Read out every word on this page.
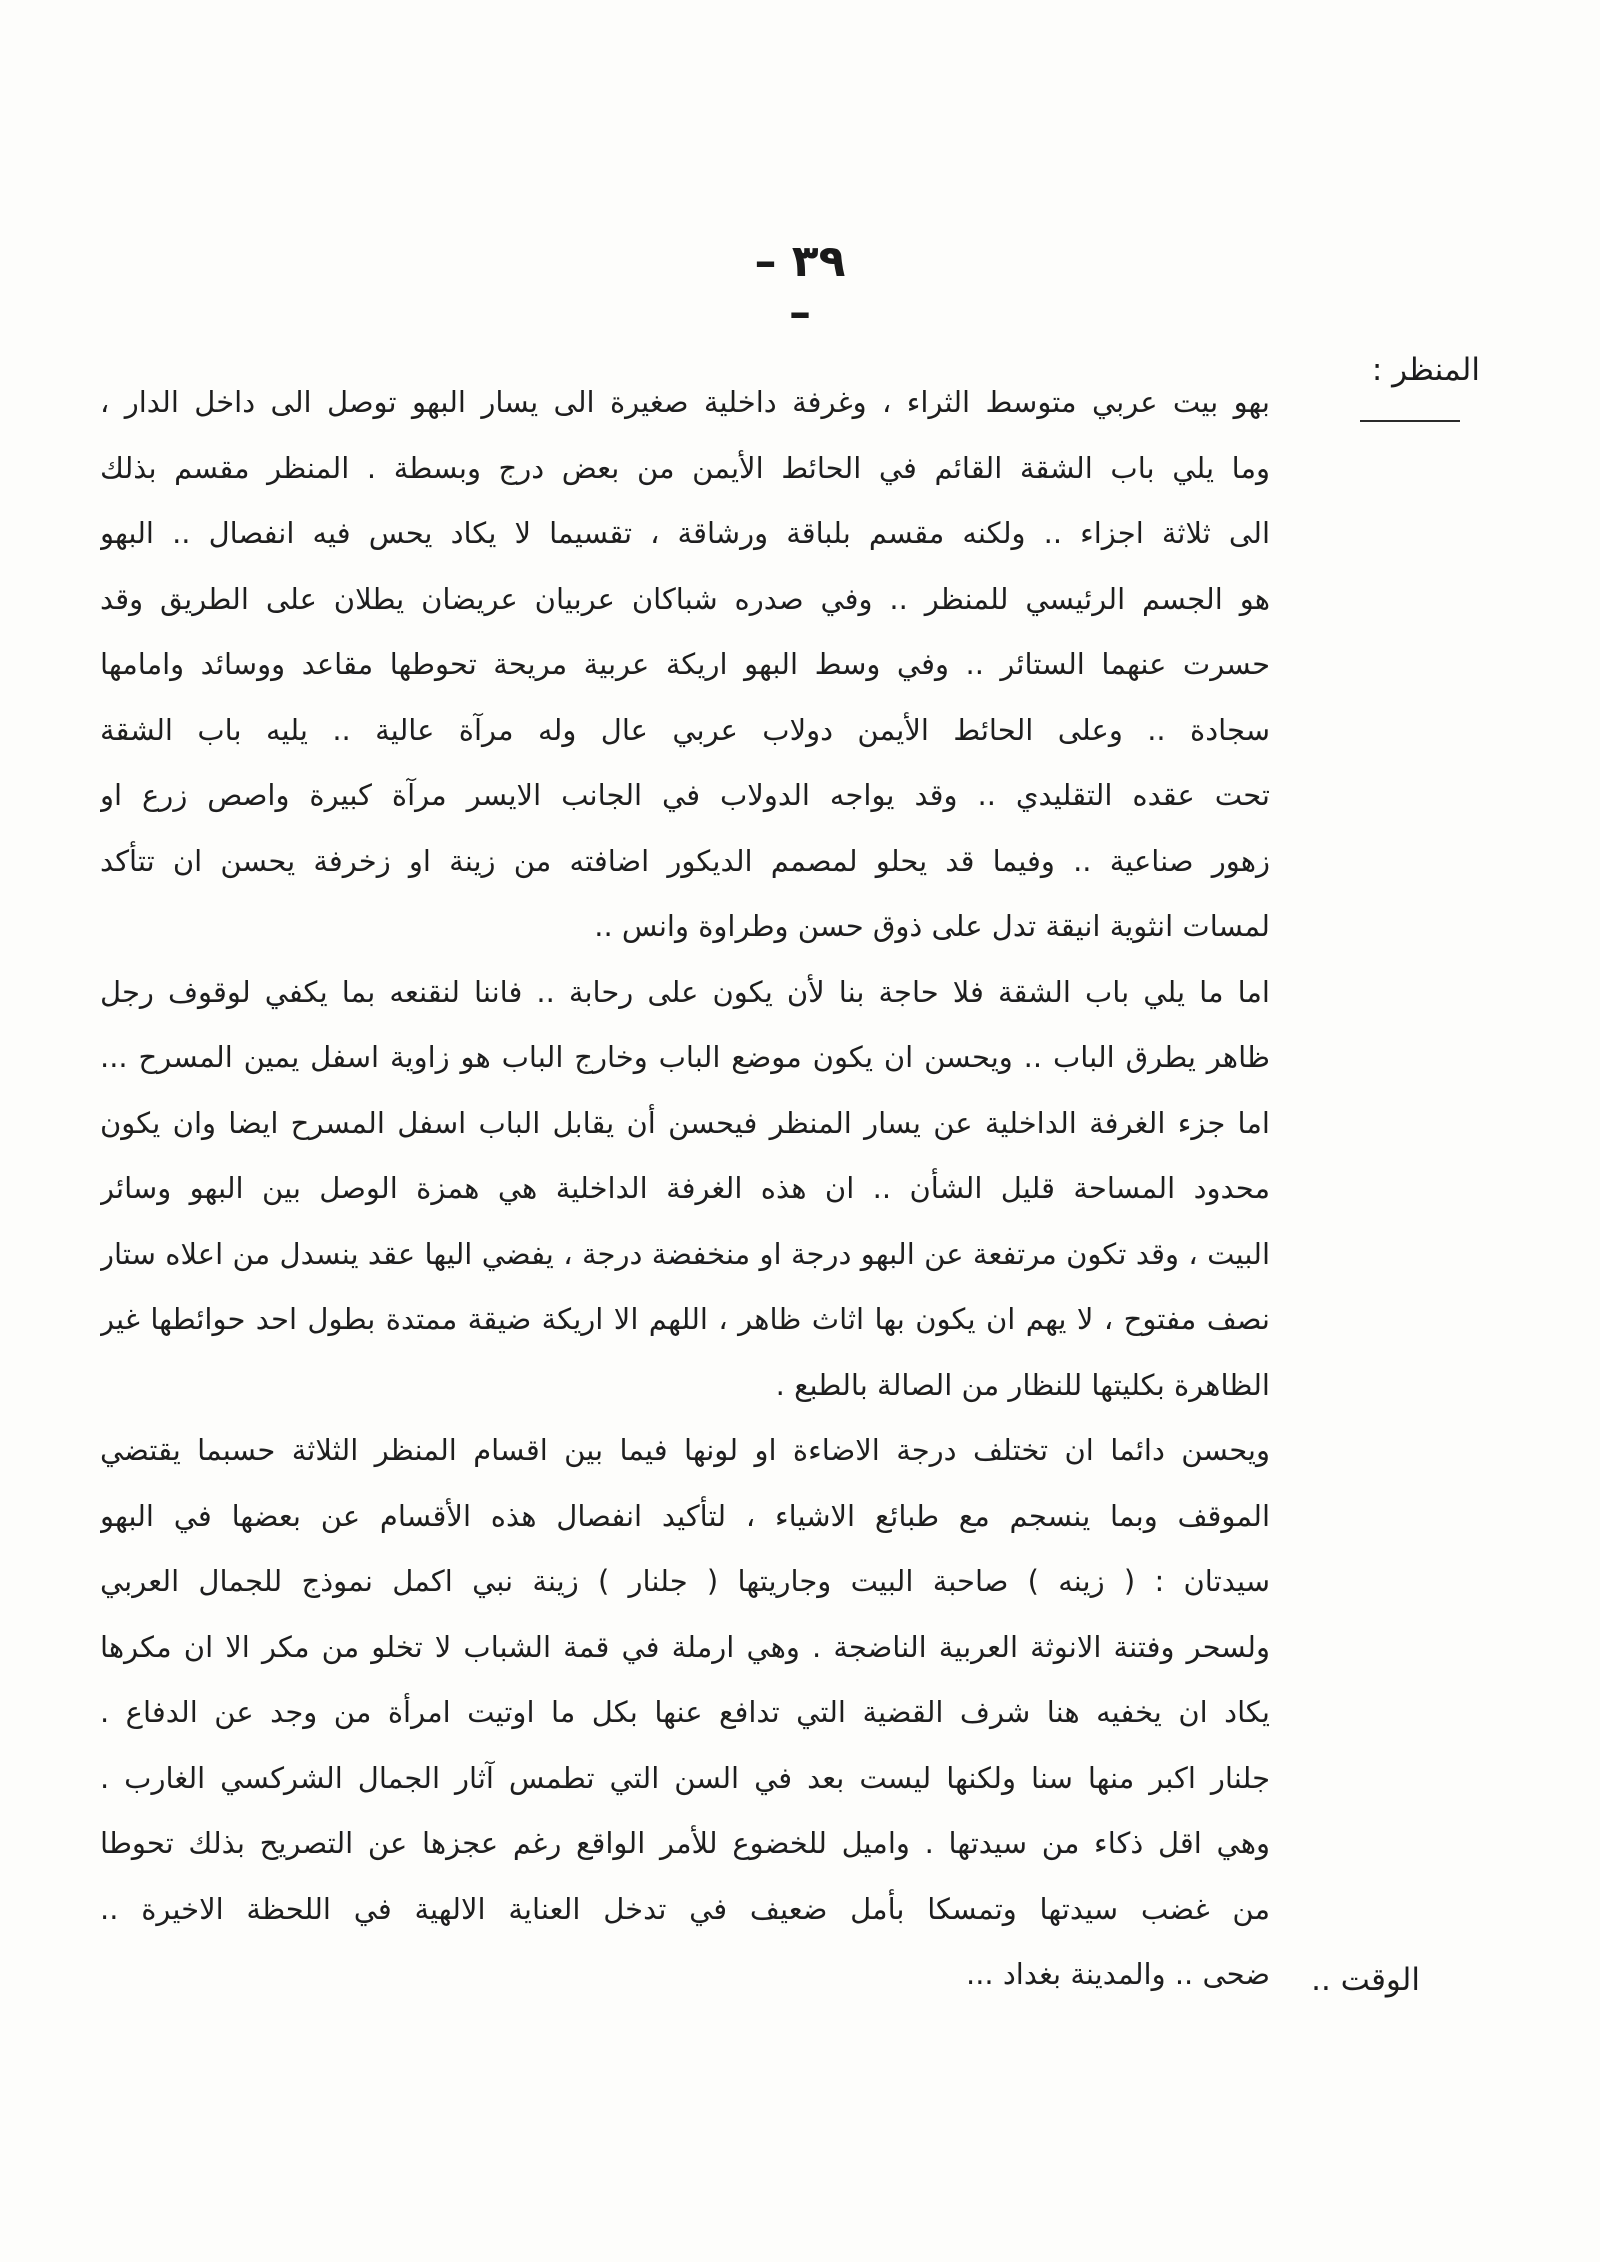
– ٣٩ –
المنظر :
بهو بيت عربي متوسط الثراء ، وغرفة داخلية صغيرة الى يسار البهو توصل الى داخل الدار ،
وما يلي باب الشقة القائم في الحائط الأيمن من بعض درج وبسطة . المنظر مقسم بذلك
الى ثلاثة اجزاء .. ولكنه مقسم بلباقة ورشاقة ، تقسيما لا يكاد يحس فيه انفصال .. البهو
هو الجسم الرئيسي للمنظر .. وفي صدره شباكان عربيان عريضان يطلان على الطريق وقد
حسرت عنهما الستائر .. وفي وسط البهو اريكة عربية مريحة تحوطها مقاعد ووسائد وامامها
سجادة .. وعلى الحائط الأيمن دولاب عربي عال وله مرآة عالية .. يليه باب الشقة
تحت عقده التقليدي .. وقد يواجه الدولاب في الجانب الايسر مرآة كبيرة واصص زرع او
زهور صناعية .. وفيما قد يحلو لمصمم الديكور اضافته من زينة او زخرفة يحسن ان تتأكد
لمسات انثوية انيقة تدل على ذوق حسن وطراوة وانس ..
اما ما يلي باب الشقة فلا حاجة بنا لأن يكون على رحابة .. فاننا لنقنعه بما يكفي لوقوف رجل
ظاهر يطرق الباب .. ويحسن ان يكون موضع الباب وخارج الباب هو زاوية اسفل يمين المسرح ...
اما جزء الغرفة الداخلية عن يسار المنظر فيحسن أن يقابل الباب اسفل المسرح ايضا وان يكون
محدود المساحة قليل الشأن .. ان هذه الغرفة الداخلية هي همزة الوصل بين البهو وسائر
البيت ، وقد تكون مرتفعة عن البهو درجة او منخفضة درجة ، يفضي اليها عقد ينسدل من اعلاه ستار
نصف مفتوح ، لا يهم ان يكون بها اثاث ظاهر ، اللهم الا اريكة ضيقة ممتدة بطول احد حوائطها غير
الظاهرة بكليتها للنظار من الصالة بالطبع .
ويحسن دائما ان تختلف درجة الاضاءة او لونها فيما بين اقسام المنظر الثلاثة حسبما يقتضي
الموقف وبما ينسجم مع طبائع الاشياء ، لتأكيد انفصال هذه الأقسام عن بعضها في البهو
سيدتان : ( زينه ) صاحبة البيت وجاريتها ( جلنار ) زينة نبي اكمل نموذج للجمال العربي
ولسحر وفتنة الانوثة العربية الناضجة . وهي ارملة في قمة الشباب لا تخلو من مكر الا ان مكرها
يكاد ان يخفيه هنا شرف القضية التي تدافع عنها بكل ما اوتيت امرأة من وجد عن الدفاع .
جلنار اكبر منها سنا ولكنها ليست بعد في السن التي تطمس آثار الجمال الشركسي الغارب .
وهي اقل ذكاء من سيدتها . واميل للخضوع للأمر الواقع رغم عجزها عن التصريح بذلك تحوطا
من غضب سيدتها وتمسكا بأمل ضعيف في تدخل العناية الالهية في اللحظة الاخيرة ..
ضحى .. والمدينة بغداد ... الوقت ..
